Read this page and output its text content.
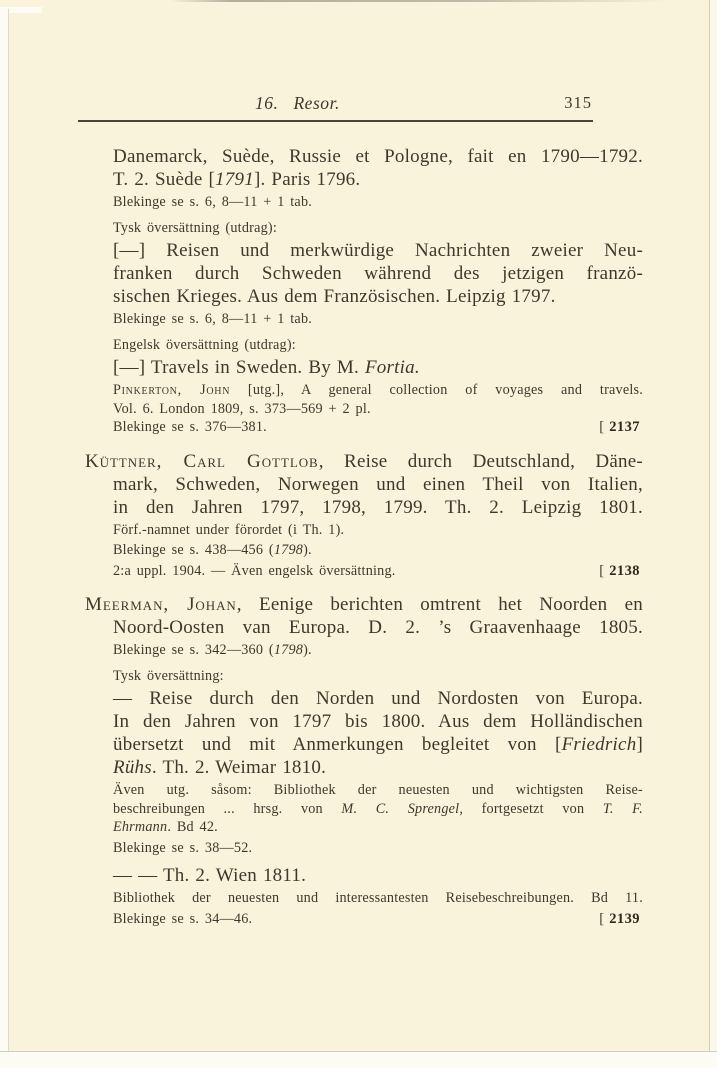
16. Resor.	315
Danemarck, Suède, Russie et Pologne, fait en 1790—1792.
T. 2. Suède [1791]. Paris 1796.
Blekinge se s. 6, 8—11 + 1 tab.
Tysk översättning (utdrag):
[—] Reisen und merkwürdige Nachrichten zweier Neu-
franken durch Schweden während des jetzigen franzö-
sischen Krieges. Aus dem Französischen. Leipzig 1797.
Blekinge se s. 6, 8—11 + 1 tab.
Engelsk översättning (utdrag):
[—] Travels in Sweden. By M. Fortia.
Pinkerton, John [utg.], A general collection of voyages and travels.
Vol. 6. London 1809, s. 373—569 + 2 pl.
Blekinge se s. 376—381.	[ 2137
Küttner, Carl Gottlob, Reise durch Deutschland, Däne-
mark, Schweden, Norwegen und einen Theil von Italien,
in den Jahren 1797, 1798, 1799. Th. 2. Leipzig 1801.
Förf.-namnet under förordet (i Th. 1).
Blekinge se s. 438—456 (1798).
2:a uppl. 1904. — Även engelsk översättning.	[ 2138
Meerman, Johan, Eenige berichten omtrent het Noorden en
Noord-Oosten van Europa. D. 2. ’s Graavenhaage 1805.
Blekinge se s. 342—360 (1798).
Tysk översättning:
— Reise durch den Norden und Nordosten von Europa.
In den Jahren von 1797 bis 1800. Aus dem Holländischen
übersetzt und mit Anmerkungen begleitet von [Friedrich]
Rühs. Th. 2. Weimar 1810.
Även utg. såsom: Bibliothek der neuesten und wichtigsten Reise-
beschreibungen ... hrsg. von M. C. Sprengel, fortgesetzt von T. F.
Ehrmann. Bd 42.
Blekinge se s. 38—52.
— — Th. 2. Wien 1811.
Bibliothek der neuesten und interessantesten Reisebeschreibungen. Bd 11.
Blekinge se s. 34—46.	[ 2139
